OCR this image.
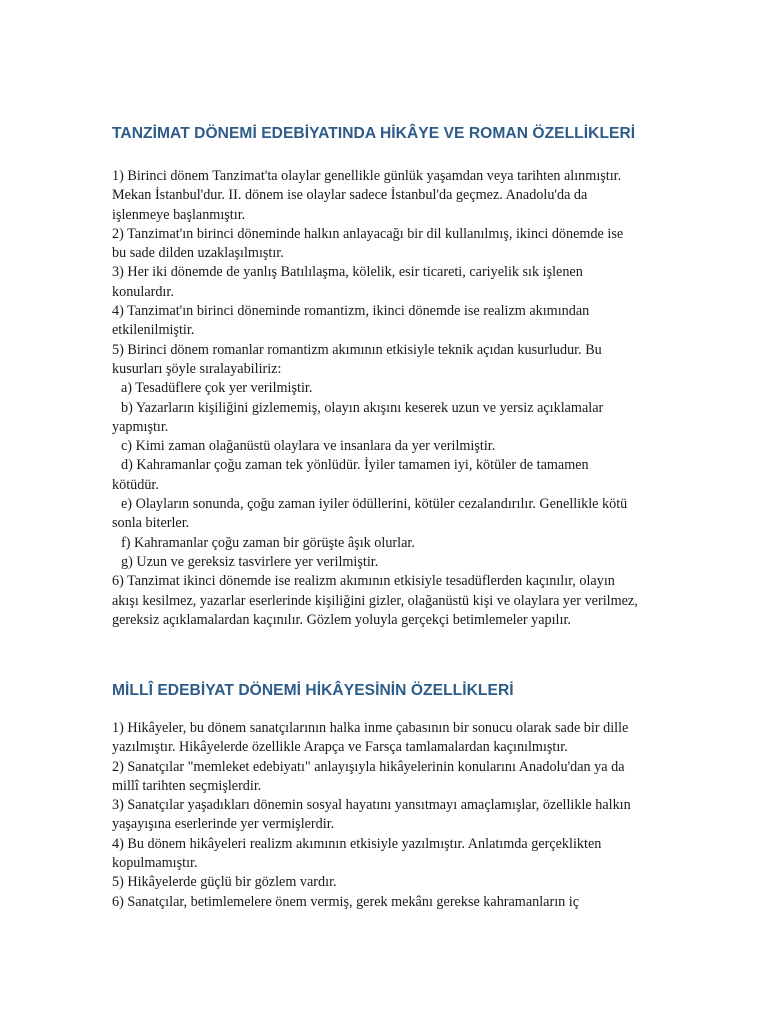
TANZİMAT DÖNEMİ EDEBİYATINDA HİKÂYE VE ROMAN ÖZELLİKLERİ
1) Birinci dönem Tanzimat'ta olaylar genellikle günlük yaşamdan veya tarihten alınmıştır.
Mekan İstanbul'dur. II. dönem ise olaylar sadece İstanbul'da geçmez. Anadolu'da da
işlenmeye başlanmıştır.
2) Tanzimat'ın birinci döneminde halkın anlayacağı bir dil kullanılmış, ikinci dönemde ise
bu sade dilden uzaklaşılmıştır.
3) Her iki dönemde de yanlış Batılılaşma, kölelik, esir ticareti, cariyelik sık işlenen
konulardır.
4) Tanzimat'ın birinci döneminde romantizm, ikinci dönemde ise realizm akımından
etkilenilmiştir.
5) Birinci dönem romanlar romantizm akımının etkisiyle teknik açıdan kusurludur. Bu
kusurları şöyle sıralayabiliriz:
a) Tesadüflere çok yer verilmiştir.
b) Yazarların kişiliğini gizlememiş, olayın akışını keserek uzun ve yersiz açıklamalar
yapmıştır.
c) Kimi zaman olağanüstü olaylara ve insanlara da yer verilmiştir.
d) Kahramanlar çoğu zaman tek yönlüdür. İyiler tamamen iyi, kötüler de tamamen
kötüdür.
e) Olayların sonunda, çoğu zaman iyiler ödüllerini, kötüler cezalandırılır. Genellikle kötü
sonla biterler.
f) Kahramanlar çoğu zaman bir görüşte âşık olurlar.
g) Uzun ve gereksiz tasvirlere yer verilmiştir.
6) Tanzimat ikinci dönemde ise realizm akımının etkisiyle tesadüflerden kaçınılır, olayın
akışı kesilmez, yazarlar eserlerinde kişiliğini gizler, olağanüstü kişi ve olaylara yer verilmez,
gereksiz açıklamalardan kaçınılır. Gözlem yoluyla gerçekçi betimlemeler yapılır.
MİLLÎ EDEBİYAT DÖNEMİ HİKÂYESİNİN ÖZELLİKLERİ
1) Hikâyeler, bu dönem sanatçılarının halka inme çabasının bir sonucu olarak sade bir dille
yazılmıştır. Hikâyelerde özellikle Arapça ve Farsça tamlamalardan kaçınılmıştır.
2) Sanatçılar "memleket edebiyatı" anlayışıyla hikâyelerinin konularını Anadolu'dan ya da
millî tarihten seçmişlerdir.
3) Sanatçılar yaşadıkları dönemin sosyal hayatını yansıtmayı amaçlamışlar, özellikle halkın
yaşayışına eserlerinde yer vermişlerdir.
4) Bu dönem hikâyeleri realizm akımının etkisiyle yazılmıştır. Anlatımda gerçeklikten
kopulmamıştır.
5) Hikâyelerde güçlü bir gözlem vardır.
6) Sanatçılar, betimlemelere önem vermiş, gerek mekânı gerekse kahramanların iç
